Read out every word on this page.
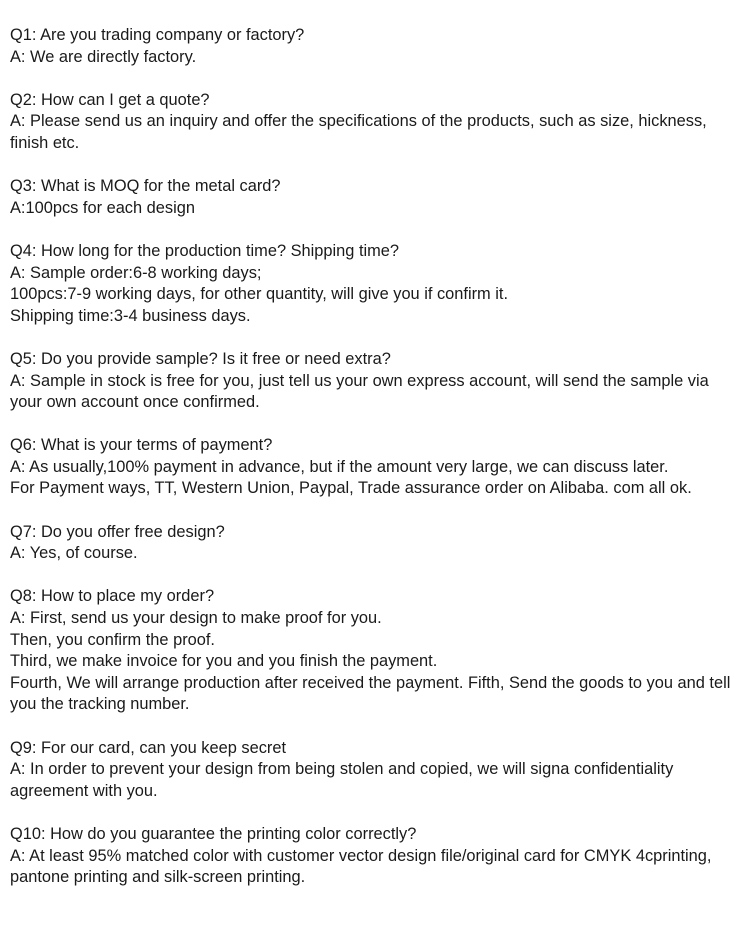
Q1: Are you trading company or factory?
A: We are directly factory.
Q2: How can I get a quote?
A: Please send us an inquiry and offer the specifications of the products, such as size, hickness, finish etc.
Q3: What is MOQ for the metal card?
A:100pcs for each design
Q4: How long for the production time? Shipping time?
A: Sample order:6-8 working days;
100pcs:7-9 working days, for other quantity, will give you if confirm it.
Shipping time:3-4 business days.
Q5: Do you provide sample? Is it free or need extra?
A: Sample in stock is free for you, just tell us your own express account, will send the sample via your own account once confirmed.
Q6: What is your terms of payment?
A: As usually,100% payment in advance, but if the amount very large, we can discuss later.
For Payment ways, TT, Western Union, Paypal, Trade assurance order on Alibaba. com all ok.
Q7: Do you offer free design?
A: Yes, of course.
Q8: How to place my order?
A: First, send us your design to make proof for you.
Then, you confirm the proof.
Third, we make invoice for you and you finish the payment.
Fourth, We will arrange production after received the payment. Fifth, Send the goods to you and tell you the tracking number.
Q9: For our card, can you keep secret
A: In order to prevent your design from being stolen and copied, we will signa confidentiality agreement with you.
Q10: How do you guarantee the printing color correctly?
A: At least 95% matched color with customer vector design file/original card for CMYK 4cprinting, pantone printing and silk-screen printing.
